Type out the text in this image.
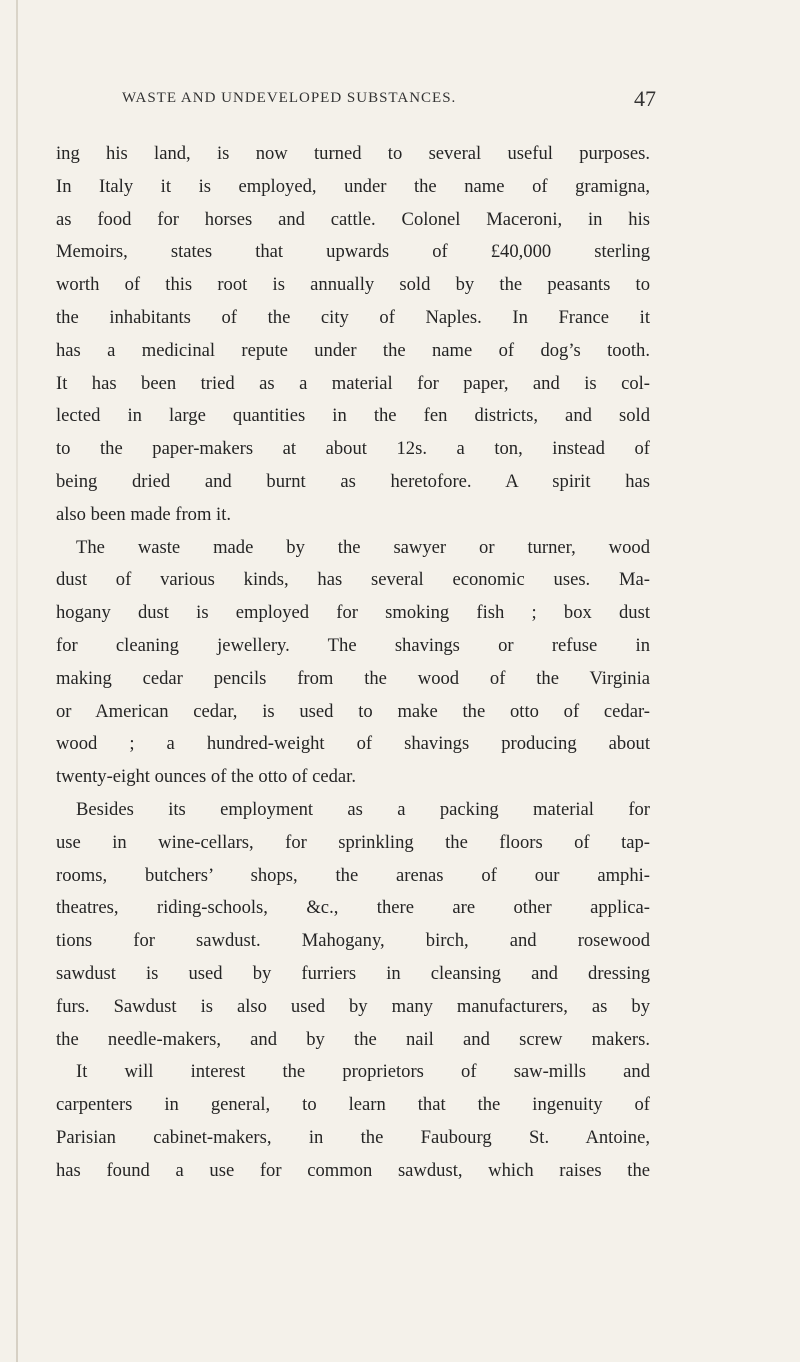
WASTE AND UNDEVELOPED SUBSTANCES.	47
ing his land, is now turned to several useful purposes.
In Italy it is employed, under the name of gramigna,
as food for horses and cattle. Colonel Maceroni, in his
Memoirs, states that upwards of £40,000 sterling
worth of this root is annually sold by the peasants to
the inhabitants of the city of Naples. In France it
has a medicinal repute under the name of dog’s tooth.
It has been tried as a material for paper, and is col-
lected in large quantities in the fen districts, and sold
to the paper-makers at about 12s. a ton, instead of
being dried and burnt as heretofore. A spirit has
also been made from it.
The waste made by the sawyer or turner, wood
dust of various kinds, has several economic uses. Ma-
hogany dust is employed for smoking fish ; box dust
for cleaning jewellery. The shavings or refuse in
making cedar pencils from the wood of the Virginia
or American cedar, is used to make the otto of cedar-
wood ; a hundred-weight of shavings producing about
twenty-eight ounces of the otto of cedar.
Besides its employment as a packing material for
use in wine-cellars, for sprinkling the floors of tap-
rooms, butchers’ shops, the arenas of our amphi-
theatres, riding-schools, &c., there are other applica-
tions for sawdust. Mahogany, birch, and rosewood
sawdust is used by furriers in cleansing and dressing
furs. Sawdust is also used by many manufacturers, as by
the needle-makers, and by the nail and screw makers.
It will interest the proprietors of saw-mills and
carpenters in general, to learn that the ingenuity of
Parisian cabinet-makers, in the Faubourg St. Antoine,
has found a use for common sawdust, which raises the
